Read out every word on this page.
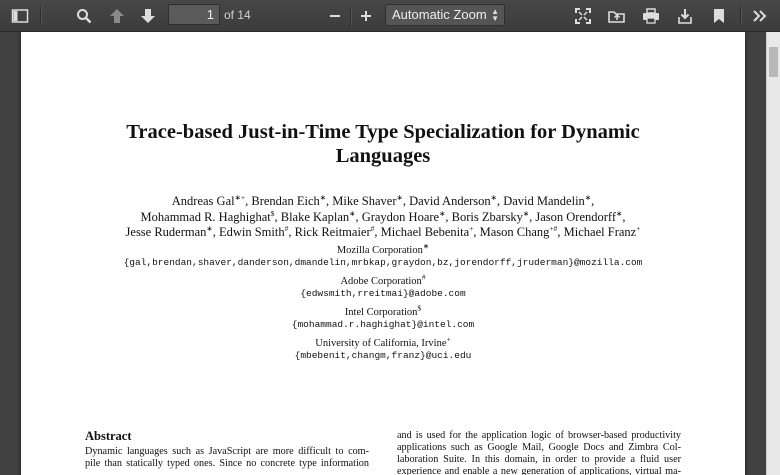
1 of 14	Automatic Zoom ▲
▼
Trace-based Just-in-Time Type Specialization for Dynamic
Languages
Andreas Gal∗+, Brendan Eich∗, Mike Shaver∗, David Anderson∗, David Mandelin∗,
Mohammad R. Haghighat$, Blake Kaplan∗, Graydon Hoare∗, Boris Zbarsky∗, Jason Orendorff∗,
Jesse Ruderman∗, Edwin Smith#, Rick Reitmaier#, Michael Bebenita+, Mason Chang+#, Michael Franz+
Mozilla Corporation∗
{gal,brendan,shaver,danderson,dmandelin,mrbkap,graydon,bz,jorendorff,jruderman}@mozilla.com
Adobe Corporation#
{edwsmith,rreitmai}@adobe.com
Intel Corporation$
{mohammad.r.haghighat}@intel.com
University of California, Irvine+
{mbebenit,changm,franz}@uci.edu
Abstract
Dynamic languages such as JavaScript are more difficult to com-
pile than statically typed ones. Since no concrete type information
and is used for the application logic of browser-based productivity
applications such as Google Mail, Google Docs and Zimbra Col-
laboration Suite. In this domain, in order to provide a fluid user
experience and enable a new generation of applications, virtual ma-
